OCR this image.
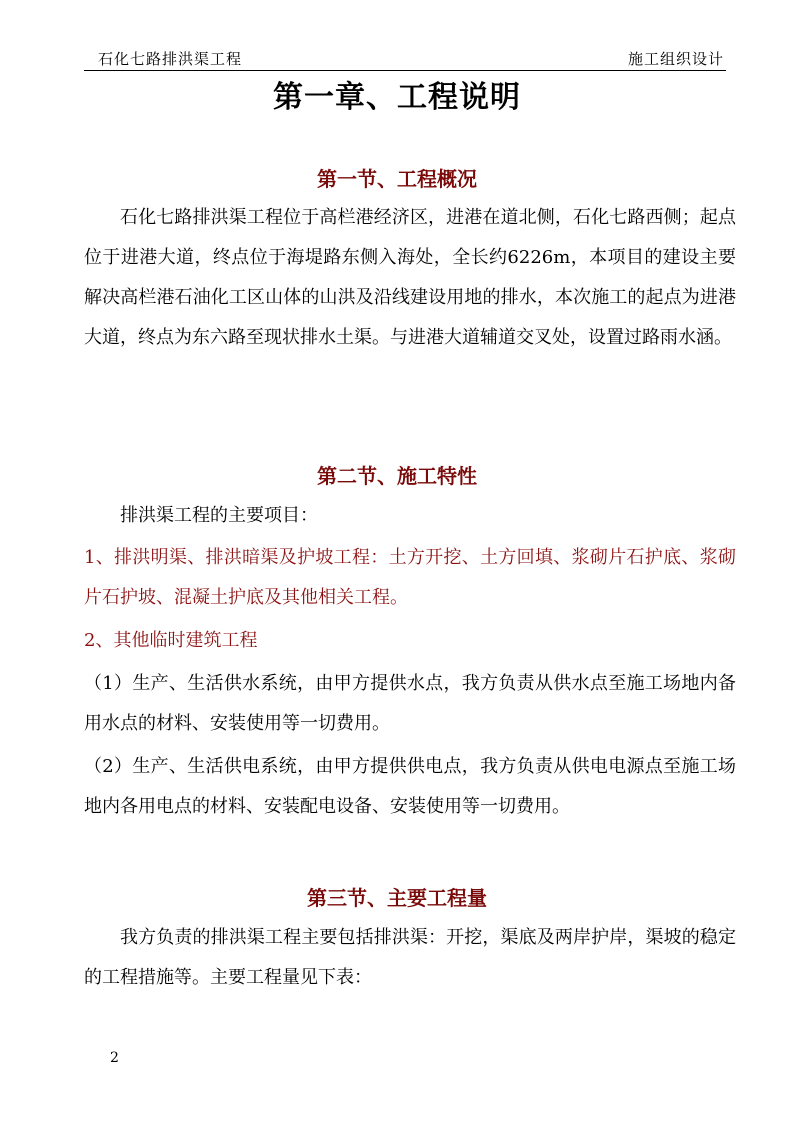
石化七路排洪渠工程	施工组织设计
第一章、工程说明
第一节、工程概况
石化七路排洪渠工程位于高栏港经济区，进港在道北侧，石化七路西侧；起点位于进港大道，终点位于海堤路东侧入海处，全长约6226m，本项目的建设主要解决高栏港石油化工区山体的山洪及沿线建设用地的排水，本次施工的起点为进港大道，终点为东六路至现状排水土渠。与进港大道辅道交叉处，设置过路雨水涵。
第二节、施工特性
排洪渠工程的主要项目：
1、排洪明渠、排洪暗渠及护坡工程：土方开挖、土方回填、浆砌片石护底、浆砌片石护坡、混凝土护底及其他相关工程。
2、其他临时建筑工程
（1）生产、生活供水系统，由甲方提供水点，我方负责从供水点至施工场地内备用水点的材料、安装使用等一切费用。
（2）生产、生活供电系统，由甲方提供供电点，我方负责从供电电源点至施工场地内各用电点的材料、安装配电设备、安装使用等一切费用。
第三节、主要工程量
我方负责的排洪渠工程主要包括排洪渠：开挖，渠底及两岸护岸，渠坡的稳定的工程措施等。主要工程量见下表：
2
